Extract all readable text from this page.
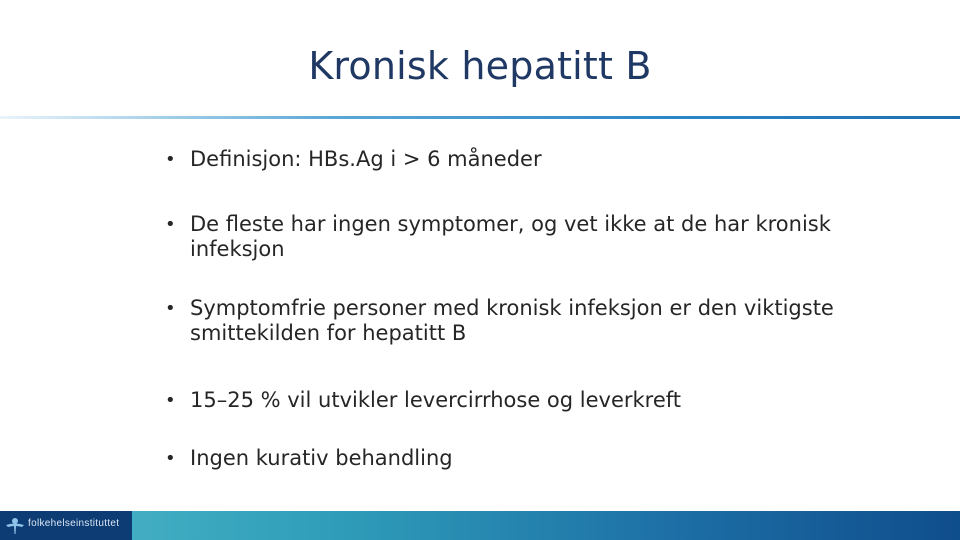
Kronisk hepatitt B
• Definisjon: HBs.Ag i > 6 måneder
• De fleste har ingen symptomer, og vet ikke at de har kronisk infeksjon
• Symptomfrie personer med kronisk infeksjon er den viktigste smittekilden for hepatitt B
• 15–25 % vil utvikler levercirrhose og leverkreft
• Ingen kurativ behandling
folkehelseinstituttet
